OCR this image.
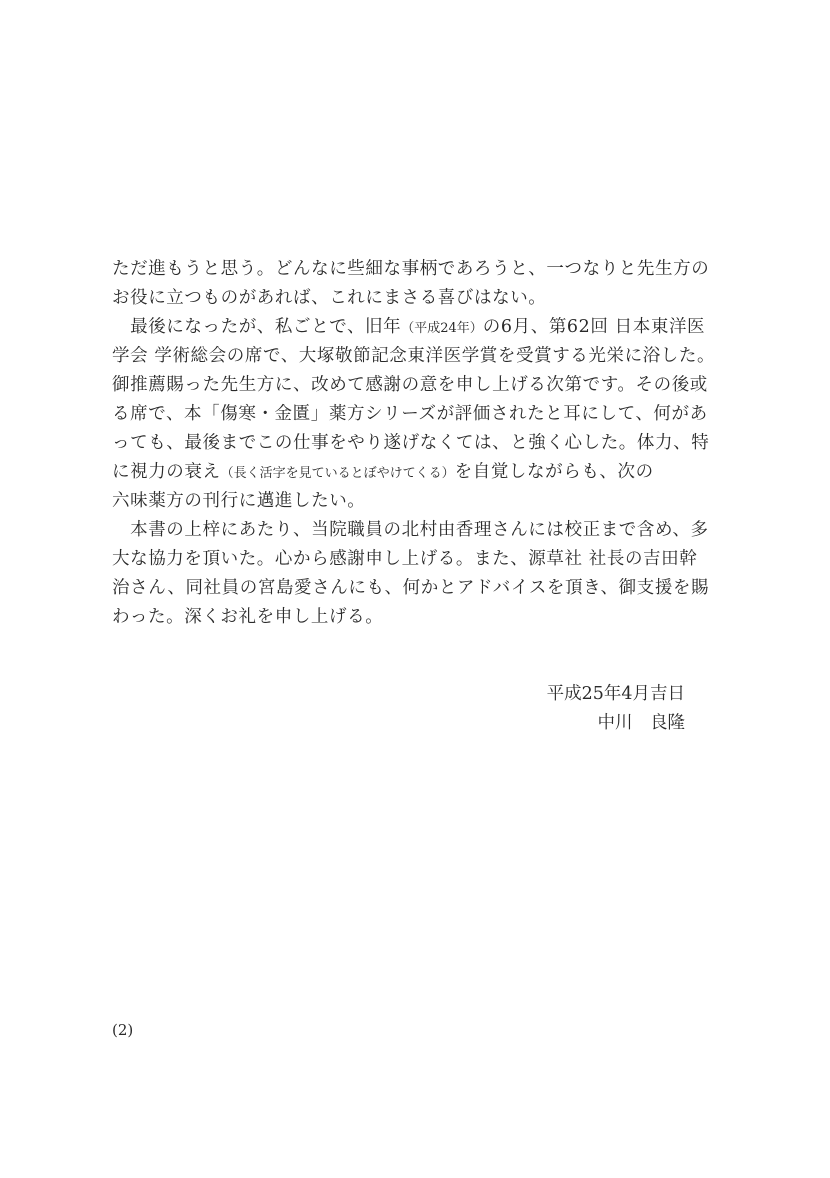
ただ進もうと思う。どんなに些細な事柄であろうと、一つなりと先生方の
お役に立つものがあれば、これにまさる喜びはない。
　最後になったが、私ごとで、旧年（平成24年）の6月、第62回 日本東洋医
学会 学術総会の席で、大塚敬節記念東洋医学賞を受賞する光栄に浴した。
御推薦賜った先生方に、改めて感謝の意を申し上げる次第です。その後或
る席で、本「傷寒・金匱」薬方シリーズが評価されたと耳にして、何があ
っても、最後までこの仕事をやり遂げなくては、と強く心した。体力、特
に視力の衰え（長く活字を見ているとぼやけてくる）を自覚しながらも、次の
六味薬方の刊行に邁進したい。
　本書の上梓にあたり、当院職員の北村由香理さんには校正まで含め、多
大な協力を頂いた。心から感謝申し上げる。また、源草社 社長の吉田幹
治さん、同社員の宮島愛さんにも、何かとアドバイスを頂き、御支援を賜
わった。深くお礼を申し上げる。
平成25年4月吉日
中川　良隆
(2)
